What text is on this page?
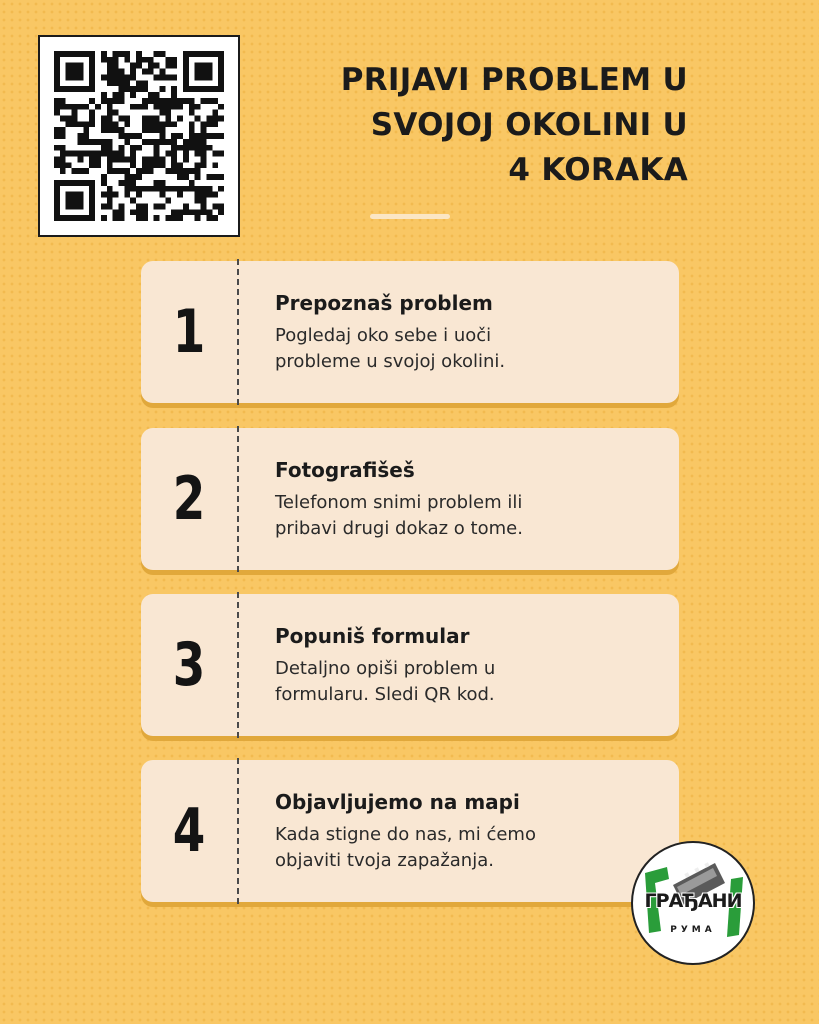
PRIJAVI PROBLEM U
SVOJOJ OKOLINI U
4 KORAKA
1	Prepoznaš problem
Pogledaj oko sebe i uoči
probleme u svojoj okolini.
2	Fotografišeš
Telefonom snimi problem ili
pribavi drugi dokaz o tome.
3	Popuniš formular
Detaljno opiši problem u
formularu. Sledi QR kod.
4	Objavljujemo na mapi
Kada stigne do nas, mi ćemo
objaviti tvoja zapažanja.
ГРАЂАНИ
РУМА
